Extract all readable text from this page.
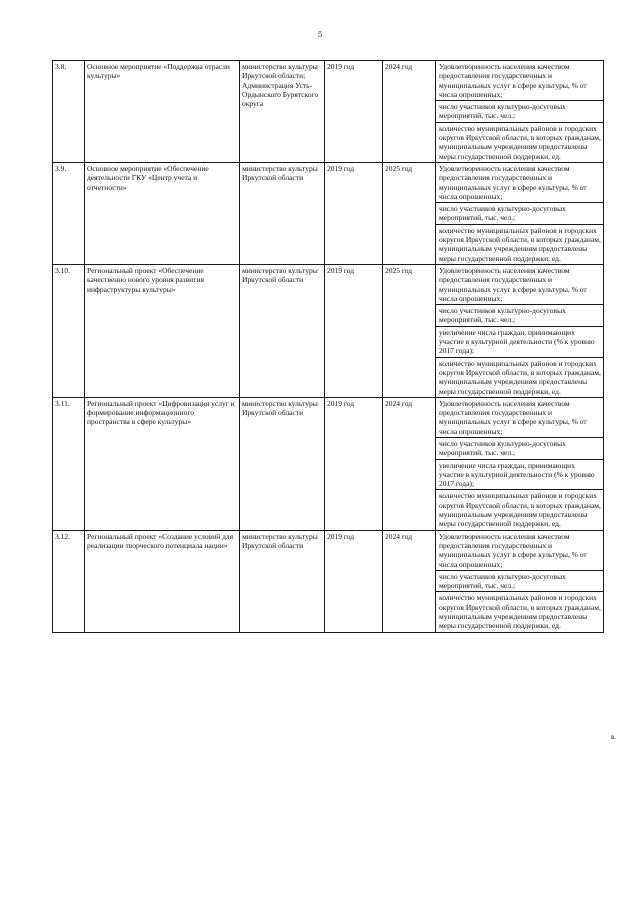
5
3.8.	Основное мероприятие «Поддержка отрасли культуры»	министерство культуры Иркутской области; Администрация Усть-Ордынского Бурятского округа	2019 год	2024 год	Удовлетворенность населения качеством предоставления государственных и муниципальных услуг в сфере культуры, % от числа опрошенных;
					число участников культурно-досуговых мероприятий, тыс. чел.;
					количество муниципальных районов и городских округов Иркутской области, в которых гражданам, муниципальным учреждениям предоставлены меры государственной поддержки, ед.
3.9.	Основное мероприятие «Обеспечение деятельности ГКУ «Центр учета и отчетности»	министерство культуры Иркутской области	2019 год	2025 год	Удовлетворенность населения качеством предоставления государственных и муниципальных услуг в сфере культуры, % от числа опрошенных;
					число участников культурно-досуговых мероприятий, тыс. чел.;
					количество муниципальных районов и городских округов Иркутской области, в которых гражданам, муниципальным учреждениям предоставлены меры государственной поддержки, ед.
3.10.	Региональный проект «Обеспечение качественно нового уровня развития инфраструктуры культуры»	министерство культуры Иркутской области	2019 год	2025 год	Удовлетворенность населения качеством предоставления государственных и муниципальных услуг в сфере культуры, % от числа опрошенных;
					число участников культурно-досуговых мероприятий, тыс. чел.;
					увеличение числа граждан, принимающих участие в культурной деятельности (% к уровню 2017 года);
					количество муниципальных районов и городских округов Иркутской области, в которых гражданам, муниципальным учреждениям предоставлены меры государственной поддержки, ед.
3.11.	Региональный проект «Цифровизация услуг и формирование информационного пространства в сфере культуры»	министерство культуры Иркутской области	2019 год	2024 год	Удовлетворенность населения качеством предоставления государственных и муниципальных услуг в сфере культуры, % от числа опрошенных;
					число участников культурно-досуговых мероприятий, тыс. чел.;
					увеличение числа граждан, принимающих участие в культурной деятельности (% к уровню 2017 года);
					количество муниципальных районов и городских округов Иркутской области, в которых гражданам, муниципальным учреждениям предоставлены меры государственной поддержки, ед.
3.12.	Региональный проект «Создание условий для реализации творческого потенциала нации»	министерство культуры Иркутской области	2019 год	2024 год	Удовлетворенность населения качеством предоставления государственных и муниципальных услуг в сфере культуры, % от числа опрошенных;
					число участников культурно-досуговых мероприятий, тыс. чел.;
					количество муниципальных районов и городских округов Иркутской области, в которых гражданам, муниципальным учреждениям предоставлены меры государственной поддержки, ед.
в.
